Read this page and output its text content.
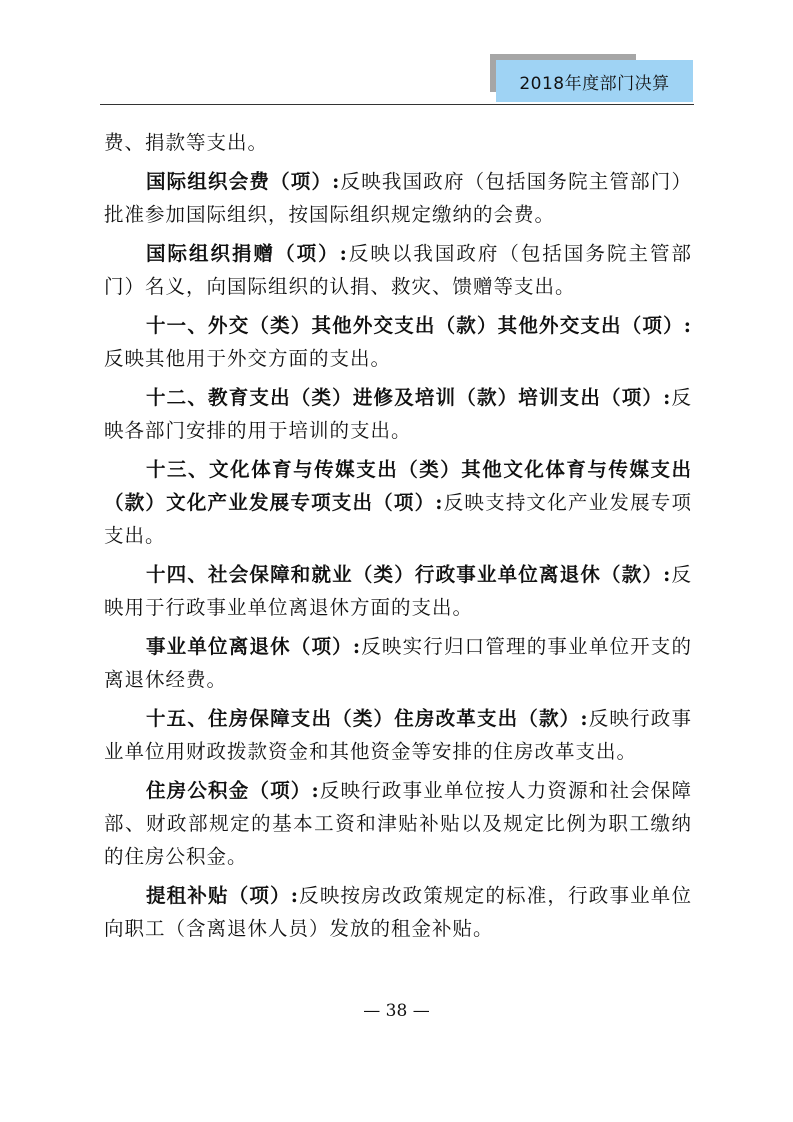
2018年度部门决算

费、捐款等支出。

国际组织会费（项）:反映我国政府（包括国务院主管部门）批准参加国际组织，按国际组织规定缴纳的会费。

国际组织捐赠（项）:反映以我国政府（包括国务院主管部门）名义，向国际组织的认捐、救灾、馈赠等支出。

十一、外交（类）其他外交支出（款）其他外交支出（项）:反映其他用于外交方面的支出。

十二、教育支出（类）进修及培训（款）培训支出（项）:反映各部门安排的用于培训的支出。

十三、文化体育与传媒支出（类）其他文化体育与传媒支出（款）文化产业发展专项支出（项）:反映支持文化产业发展专项支出。

十四、社会保障和就业（类）行政事业单位离退休（款）:反映用于行政事业单位离退休方面的支出。

事业单位离退休（项）:反映实行归口管理的事业单位开支的离退休经费。

十五、住房保障支出（类）住房改革支出（款）:反映行政事业单位用财政拨款资金和其他资金等安排的住房改革支出。

住房公积金（项）:反映行政事业单位按人力资源和社会保障部、财政部规定的基本工资和津贴补贴以及规定比例为职工缴纳的住房公积金。

提租补贴（项）:反映按房改政策规定的标准，行政事业单位向职工（含离退休人员）发放的租金补贴。

— 38 —
